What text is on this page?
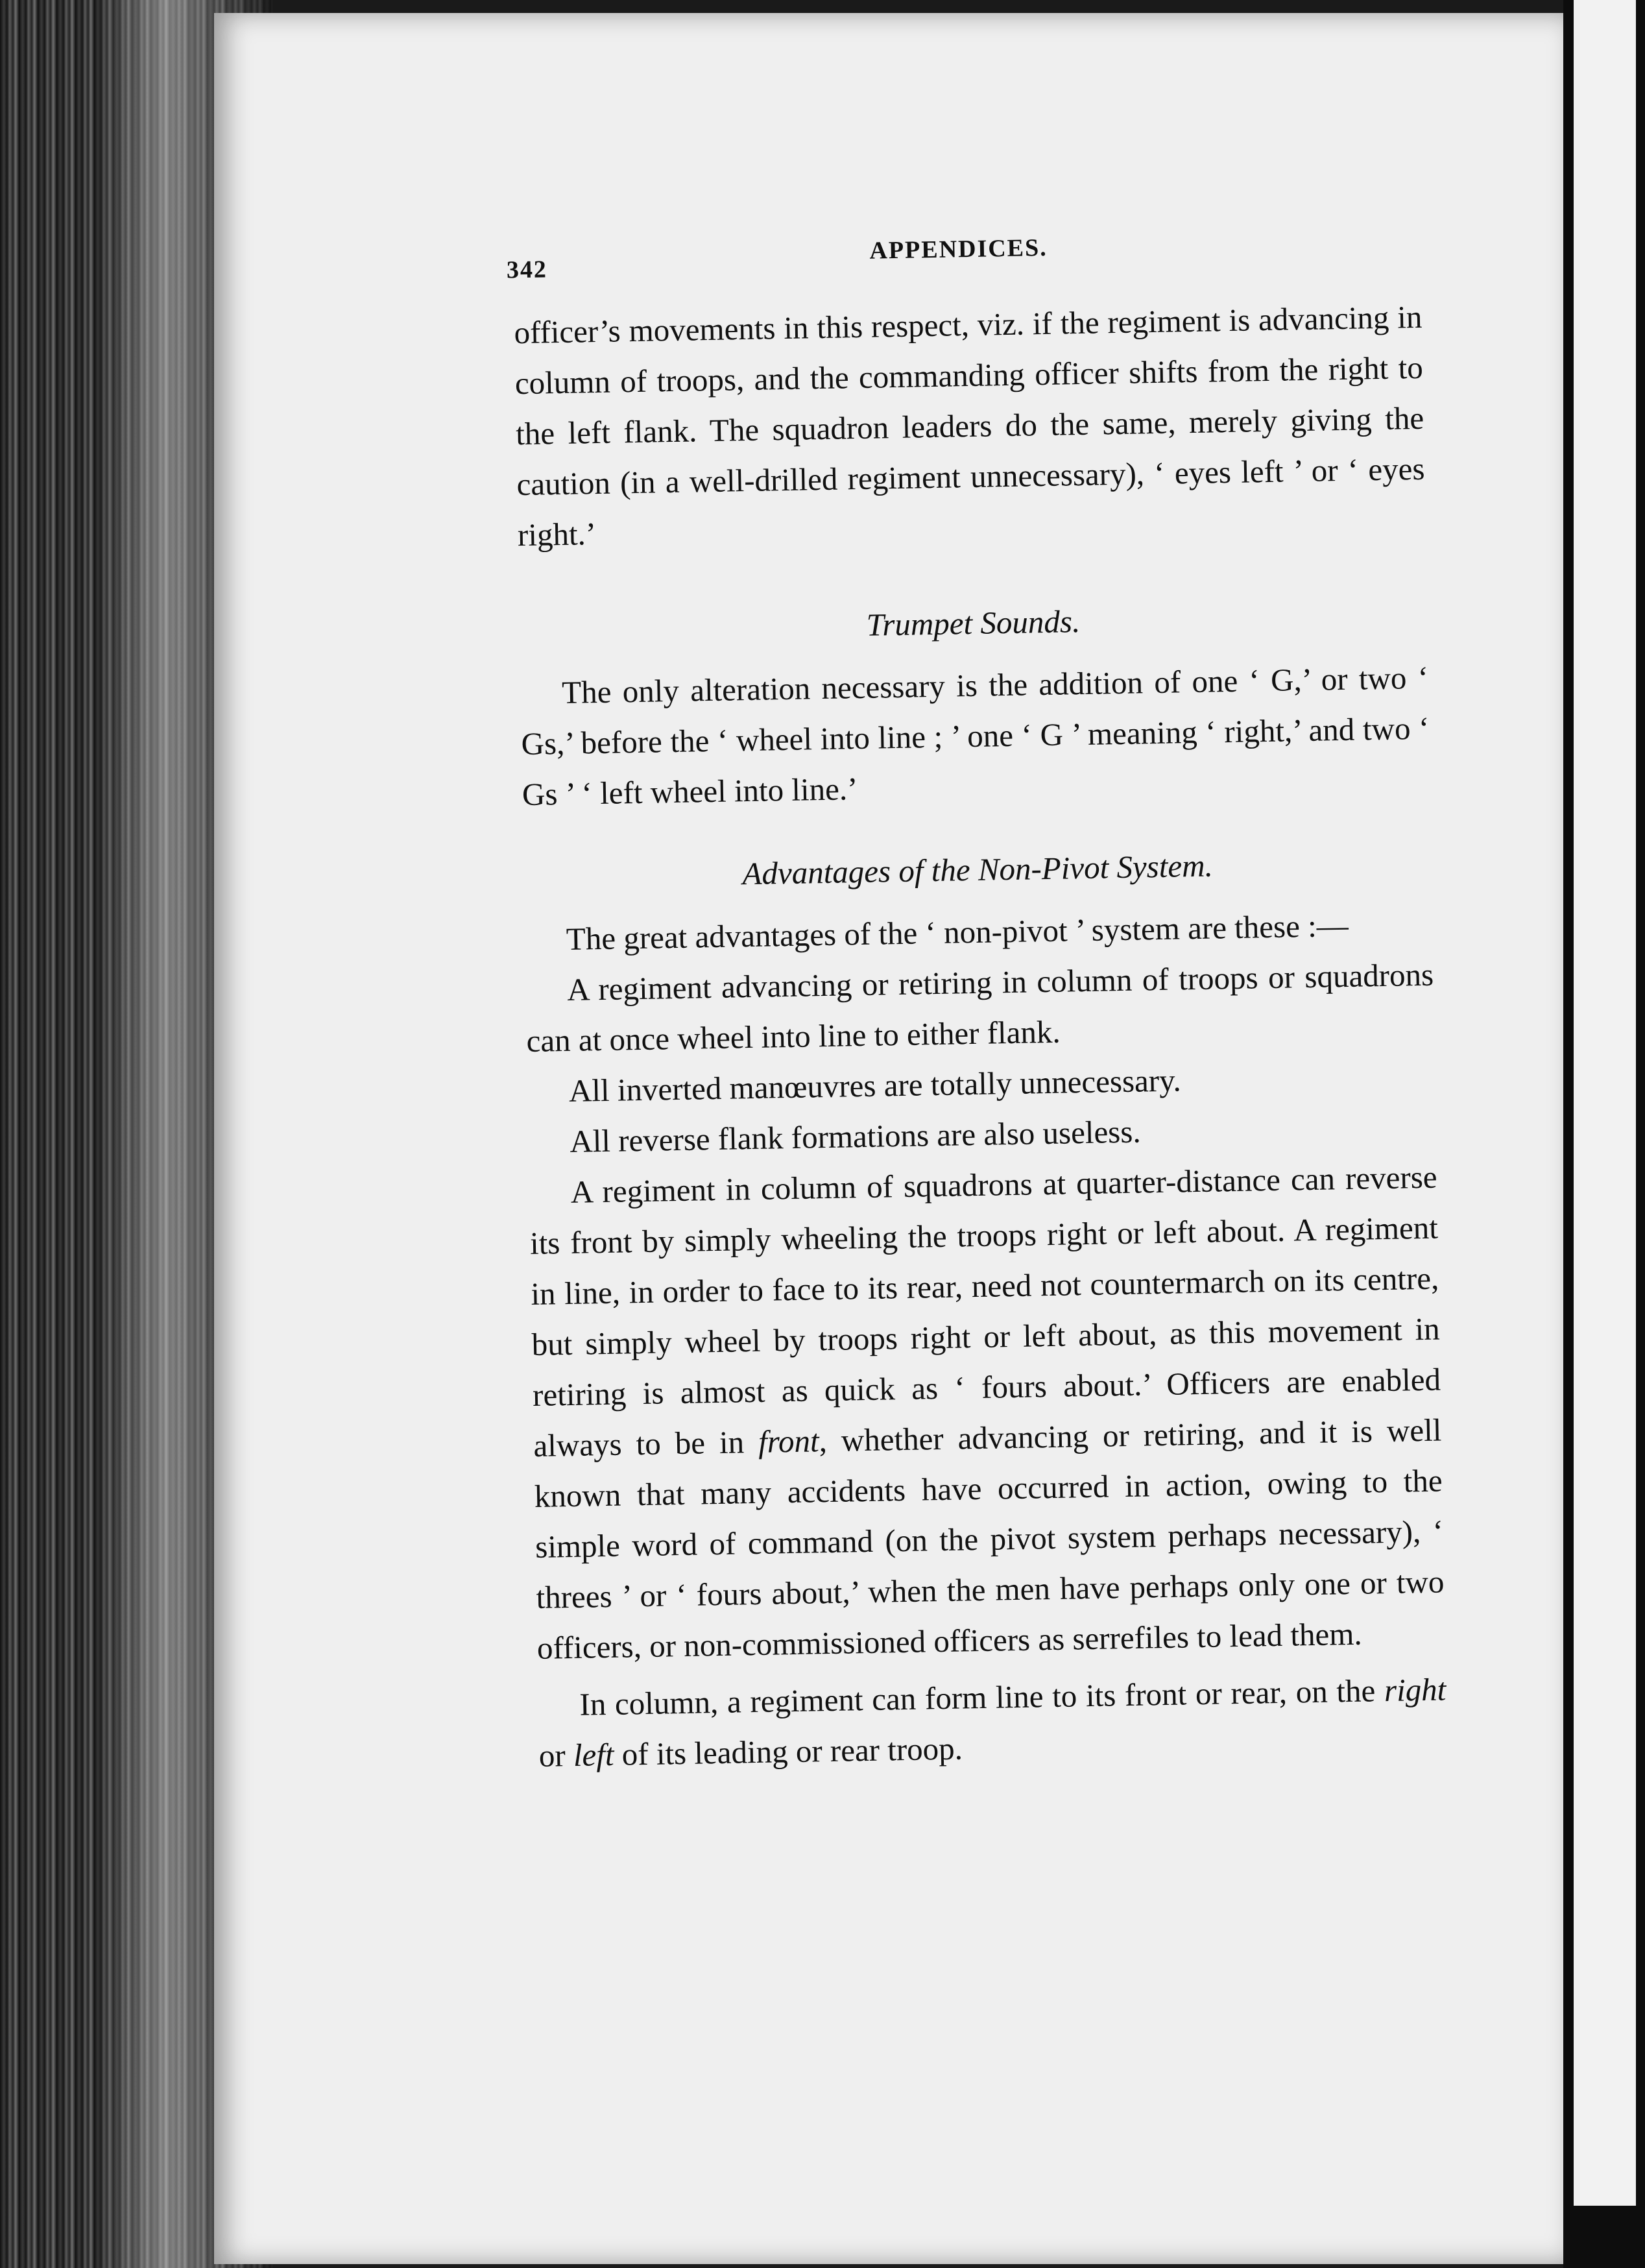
342
APPENDICES.

officer’s movements in this respect, viz. if the regiment is advancing in column of troops, and the commanding officer shifts from the right to the left flank. The squadron leaders do the same, merely giving the caution (in a well-drilled regiment unnecessary), ‘ eyes left ’ or ‘ eyes right.’

Trumpet Sounds.

The only alteration necessary is the addition of one ‘ G,’ or two ‘ Gs,’ before the ‘ wheel into line ; ’ one ‘ G ’ meaning ‘ right,’ and two ‘ Gs ’ ‘ left wheel into line.’

Advantages of the Non-Pivot System.

The great advantages of the ‘ non-pivot ’ system are these :—

A regiment advancing or retiring in column of troops or squadrons can at once wheel into line to either flank.

All inverted manœuvres are totally unnecessary.

All reverse flank formations are also useless.

A regiment in column of squadrons at quarter-distance can reverse its front by simply wheeling the troops right or left about. A regiment in line, in order to face to its rear, need not countermarch on its centre, but simply wheel by troops right or left about, as this movement in retiring is almost as quick as ‘ fours about.’ Officers are enabled always to be in front, whether advancing or retiring, and it is well known that many accidents have occurred in action, owing to the simple word of command (on the pivot system perhaps necessary), ‘ threes ’ or ‘ fours about,’ when the men have perhaps only one or two officers, or non-commissioned officers as serrefiles to lead them.

In column, a regiment can form line to its front or rear, on the right or left of its leading or rear troop.
